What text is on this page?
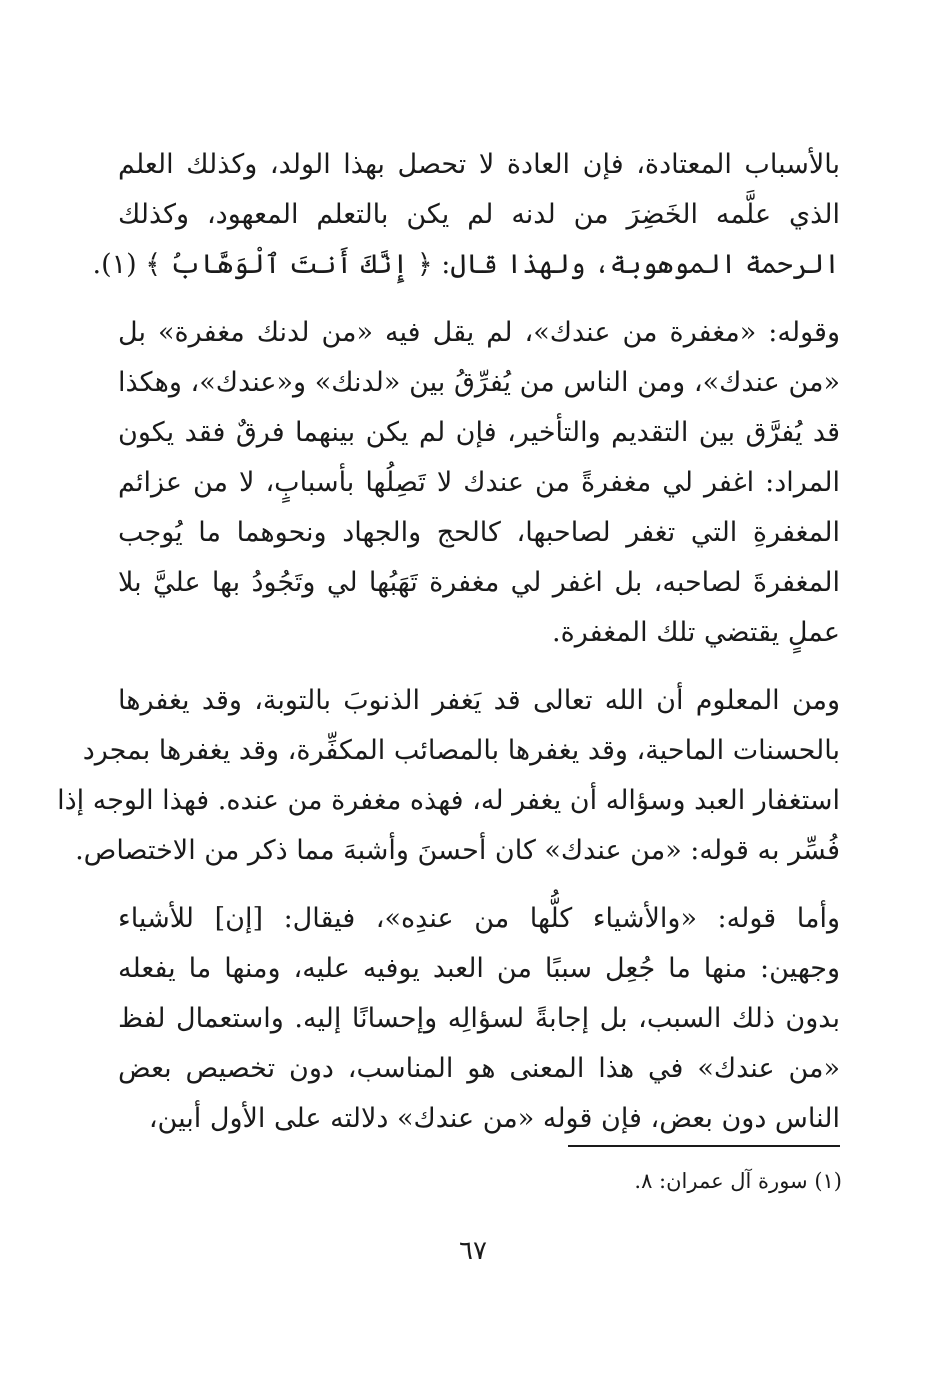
بالأسباب المعتادة، فإن العادة لا تحصل بهذا الولد، وكذلك العلم
الذي علَّمه الخَضِرَ من لدنه لم يكن بالتعلم المعهود، وكذلك
الرحمة الموهوبة، ولهذا قال: ﴿ إِنَّكَ أَنتَ ٱلْوَهَّابُ ﴾ (١).
وقوله: «مغفرة من عندك»، لم يقل فيه «من لدنك مغفرة» بل
«من عندك»، ومن الناس من يُفرِّقُ بين «لدنك» و«عندك»، وهكذا
قد يُفرَّق بين التقديم والتأخير، فإن لم يكن بينهما فرقٌ فقد يكون
المراد: اغفر لي مغفرةً من عندك لا تَصِلُها بأسبابٍ، لا من عزائم
المغفرةِ التي تغفر لصاحبها، كالحج والجهاد ونحوهما ما يُوجب
المغفرةَ لصاحبه، بل اغفر لي مغفرة تَهَبُها لي وتَجُودُ بها عليَّ بلا
عملٍ يقتضي تلك المغفرة.
ومن المعلوم أن الله تعالى قد يَغفر الذنوبَ بالتوبة، وقد يغفرها
بالحسنات الماحية، وقد يغفرها بالمصائب المكفِّرة، وقد يغفرها بمجرد
استغفار العبد وسؤاله أن يغفر له، فهذه مغفرة من عنده. فهذا الوجه إذا
فُسِّر به قوله: «من عندك» كان أحسنَ وأشبهَ مما ذكر من الاختصاص.
وأما قوله: «والأشياء كلُّها من عندِه»، فيقال: [إن] للأشياء
وجهين: منها ما جُعِل سببًا من العبد يوفيه عليه، ومنها ما يفعله
بدون ذلك السبب، بل إجابةً لسؤالِه وإحسانًا إليه. واستعمال لفظ
«من عندك» في هذا المعنى هو المناسب، دون تخصيص بعض
الناس دون بعض، فإن قوله «من عندك» دلالته على الأول أبين،
(١) سورة آل عمران: ٨.
٦٧
